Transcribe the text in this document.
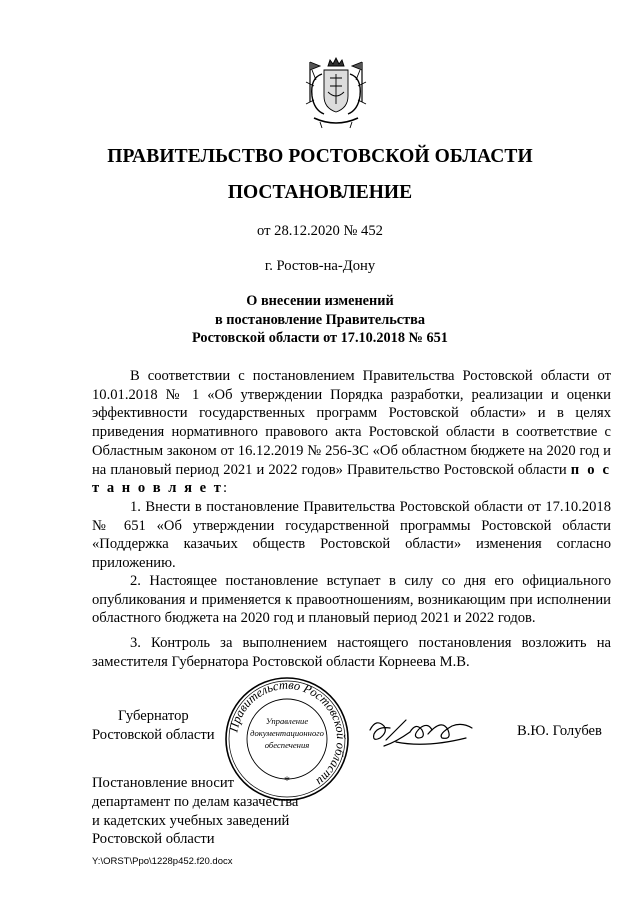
ПРАВИТЕЛЬСТВО РОСТОВСКОЙ ОБЛАСТИ
ПОСТАНОВЛЕНИЕ
от 28.12.2020 № 452
г. Ростов-на-Дону
О внесении изменений
в постановление Правительства
Ростовской области от 17.10.2018 № 651

В соответствии с постановлением Правительства Ростовской области от 10.01.2018 № 1 «Об утверждении Порядка разработки, реализации и оценки эффективности государственных программ Ростовской области» и в целях приведения нормативного правового акта Ростовской области в соответствие с Областным законом от 16.12.2019 № 256-ЗС «Об областном бюджете на 2020 год и на плановый период 2021 и 2022 годов» Правительство Ростовской области п о с т а н о в л я е т:

1. Внести в постановление Правительства Ростовской области от 17.10.2018 № 651 «Об утверждении государственной программы Ростовской области «Поддержка казачьих обществ Ростовской области» изменения согласно приложению.

2. Настоящее постановление вступает в силу со дня его официального опубликования и применяется к правоотношениям, возникающим при исполнении областного бюджета на 2020 год и плановый период 2021 и 2022 годов.

3. Контроль за выполнением настоящего постановления возложить на заместителя Губернатора Ростовской области Корнеева М.В.

Губернатор
Ростовской области	В.Ю. Голубев
Правительство Ростовской области
Управление
документационного
обеспечения
*
Постановление вносит
департамент по делам казачества
и кадетских учебных заведений
Ростовской области
Y:\ORST\Ppo\1228p452.f20.docx
